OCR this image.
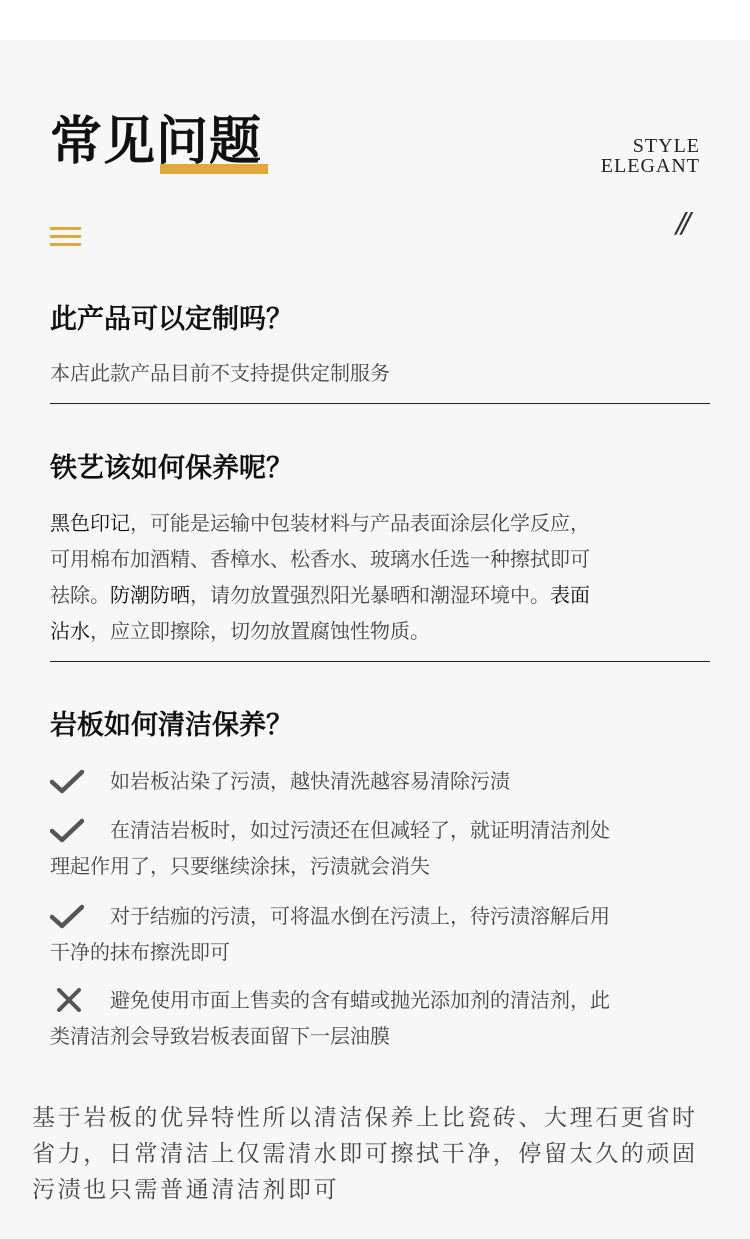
常见问题	STYLE
ELEGANT
//
此产品可以定制吗？

本店此款产品目前不支持提供定制服务

铁艺该如何保养呢？
黑色印记，可能是运输中包装材料与产品表面涂层化学反应，
可用棉布加酒精、香樟水、松香水、玻璃水任选一种擦拭即可
祛除。防潮防晒，请勿放置强烈阳光暴晒和潮湿环境中。表面
沾水，应立即擦除，切勿放置腐蚀性物质。
岩板如何清洁保养？
如岩板沾染了污渍，越快清洗越容易清除污渍
在清洁岩板时，如过污渍还在但减轻了，就证明清洁剂处
理起作用了，只要继续涂抹，污渍就会消失
对于结痂的污渍，可将温水倒在污渍上，待污渍溶解后用
干净的抹布擦洗即可
避免使用市面上售卖的含有蜡或抛光添加剂的清洁剂，此
类清洁剂会导致岩板表面留下一层油膜
基于岩板的优异特性所以清洁保养上比瓷砖、大理石更省时
省力，日常清洁上仅需清水即可擦拭干净，停留太久的顽固
污渍也只需普通清洁剂即可
